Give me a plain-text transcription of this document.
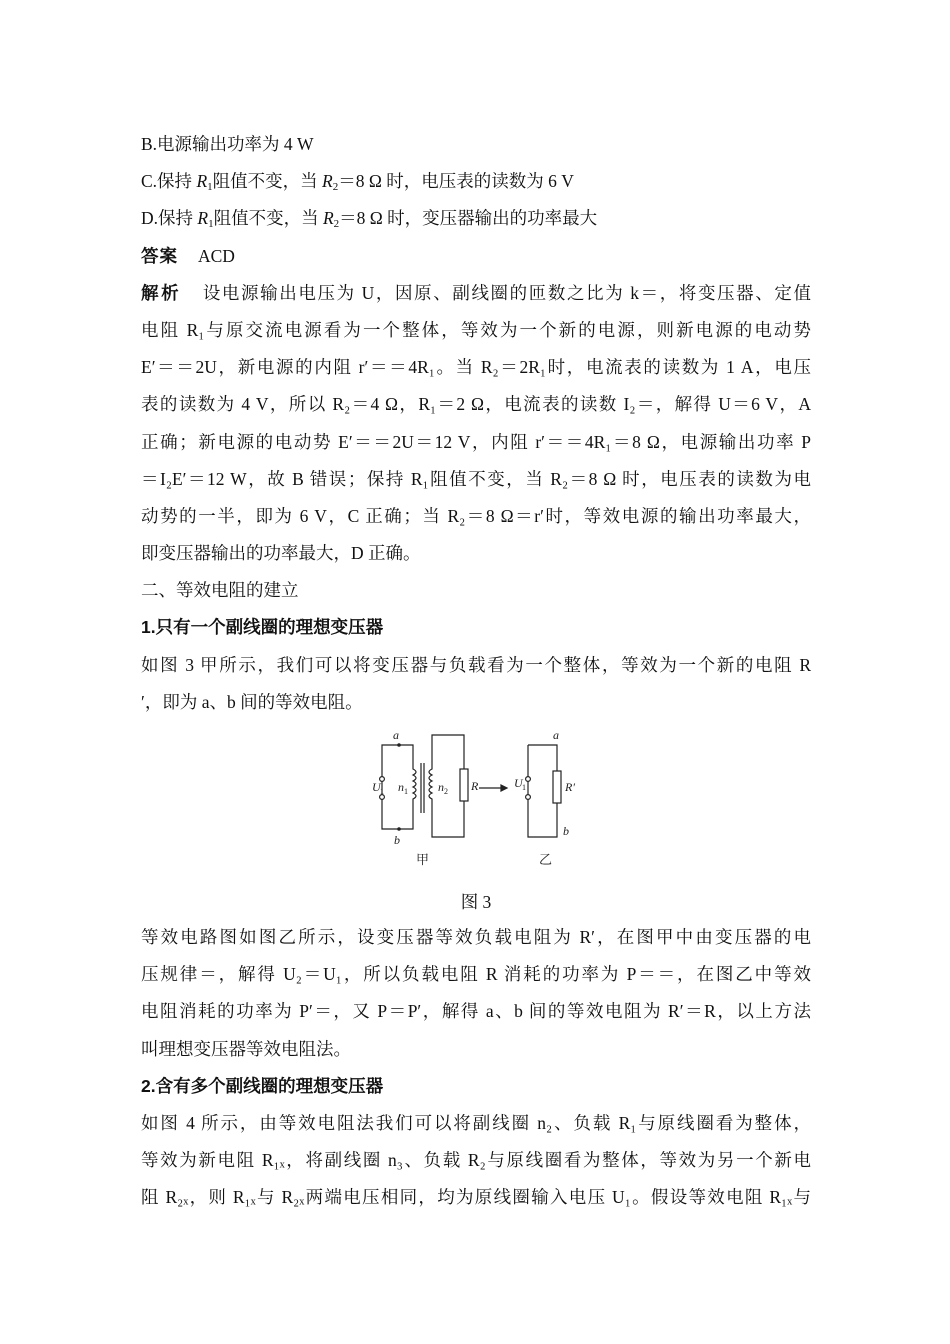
B.电源输出功率为 4 W
C.保持 $R_1$阻值不变，当 $R_2=8$ Ω 时，电压表的读数为 6 V
D.保持 $R_1$阻值不变，当 $R_2=8$ Ω 时，变压器输出的功率最大
答案 ACD
解析 设电源输出电压为 U，因原、副线圈的匝数之比为 k＝，将变压器、定值
电阻 R₁与原交流电源看为一个整体，等效为一个新的电源，则新电源的电动势
E′＝＝2U，新电源的内阻 r′＝＝4R₁。当 R₂＝2R₁时，电流表的读数为 1 A，电压
表的读数为 4 V，所以 R₂＝4 Ω，R₁＝2 Ω，电流表的读数 I₂＝，解得 U＝6 V，A
正确；新电源的电动势 E′＝＝2U＝12 V，内阻 r′＝＝4R₁＝8 Ω，电源输出功率 P
＝I₂E′＝12 W，故 B 错误；保持 R₁阻值不变，当 R₂＝8 Ω 时，电压表的读数为电
动势的一半，即为 6 V，C 正确；当 R₂＝8 Ω＝r′时，等效电源的输出功率最大，
即变压器输出的功率最大，D 正确。
二、等效电阻的建立
1.只有一个副线圈的理想变压器
如图 3 甲所示，我们可以将变压器与负载看为一个整体，等效为一个新的电阻 R
′，即为 a、b 间的等效电阻。
a
b
U 1 n 1	n 2 R
a
b
U 1	R′
甲	乙
图 3
等效电路图如图乙所示，设变压器等效负载电阻为 R′，在图甲中由变压器的电
压规律＝，解得 U₂＝U₁，所以负载电阻 R 消耗的功率为 P＝＝，在图乙中等效
电阻消耗的功率为 P′＝，又 P＝P′，解得 a、b 间的等效电阻为 R′＝R，以上方法
叫理想变压器等效电阻法。
2.含有多个副线圈的理想变压器
如图 4 所示，由等效电阻法我们可以将副线圈 n₂、负载 R₁与原线圈看为整体，
等效为新电阻 R₁ₓ，将副线圈 n₃、负载 R₂与原线圈看为整体，等效为另一个新电
阻 R₂ₓ，则 R₁ₓ与 R₂ₓ两端电压相同，均为原线圈输入电压 U₁。假设等效电阻 R₁ₓ与
